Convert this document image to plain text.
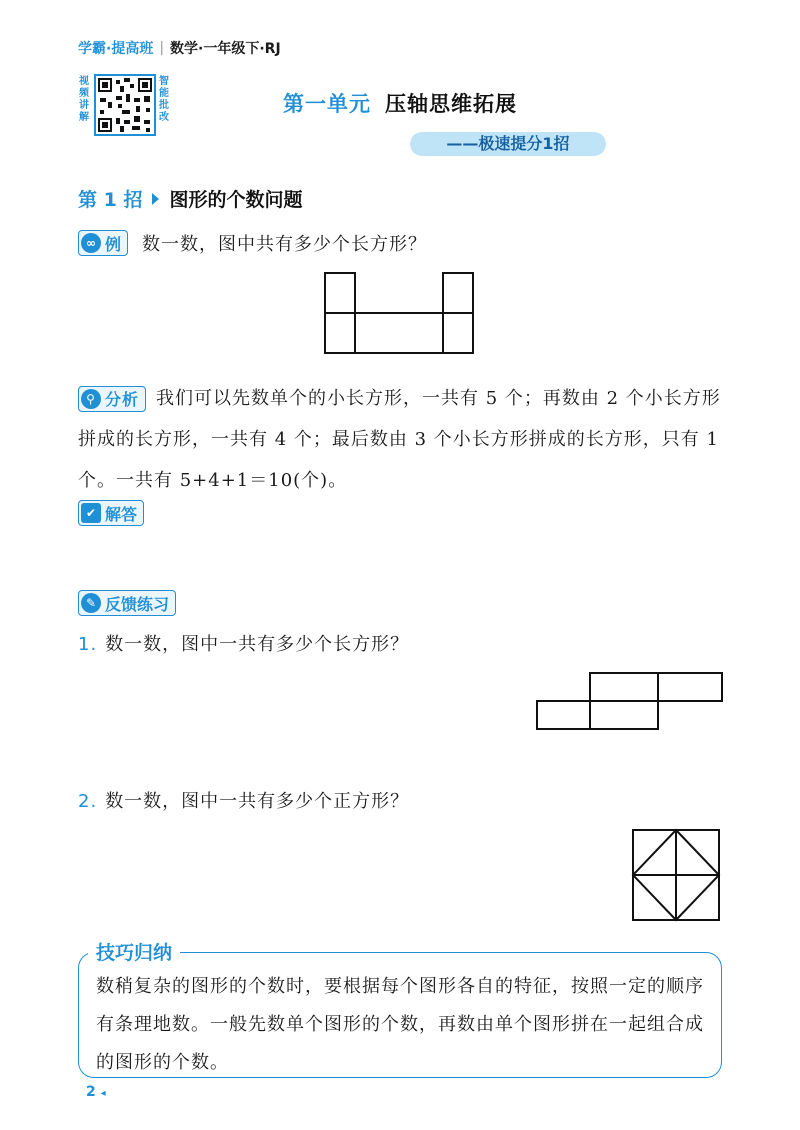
学霸·提高班 | 数学·一年级下·RJ
视频讲解
智能批改
第一单元 压轴思维拓展
——极速提分1招
第 1 招 图形的个数问题
∞ 例 数一数，图中共有多少个长方形？
⚲ 分析 我们可以先数单个的小长方形，一共有 5 个；再数由 2 个小长方形拼成的长方形，一共有 4 个；最后数由 3 个小长方形拼成的长方形，只有 1 个。一共有 5+4+1＝10(个)。
✔ 解答
✎ 反馈练习
1. 数一数，图中一共有多少个长方形？
2. 数一数，图中一共有多少个正方形？
技巧归纳
数稍复杂的图形的个数时，要根据每个图形各自的特征，按照一定的顺序有条理地数。一般先数单个图形的个数，再数由单个图形拼在一起组合成的图形的个数。
2 ◂
